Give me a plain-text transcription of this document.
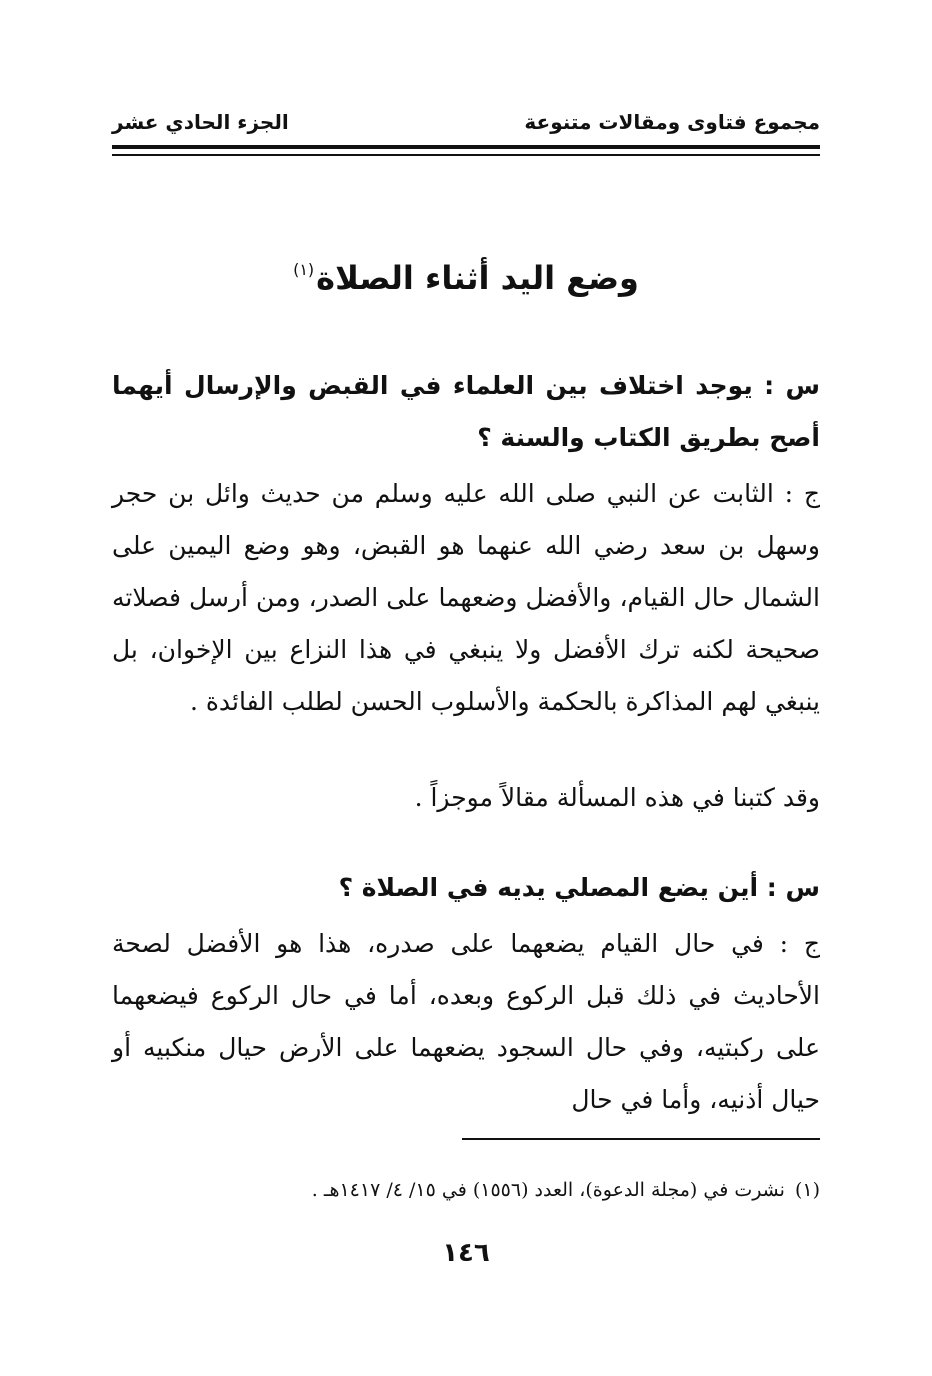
مجموع فتاوى ومقالات متنوعة
الجزء الحادي عشر
وضع اليد أثناء الصلاة$^{(١)}$
س : يوجد اختلاف بين العلماء في القبض والإرسال أيهما أصح بطريق الكتاب والسنة ؟
ج : الثابت عن النبي صلى الله عليه وسلم من حديث وائل بن حجر وسهل بن سعد رضي الله عنهما هو القبض، وهو وضع اليمين على الشمال حال القيام، والأفضل وضعهما على الصدر، ومن أرسل فصلاته صحيحة لكنه ترك الأفضل ولا ينبغي في هذا النزاع بين الإخوان، بل ينبغي لهم المذاكرة بالحكمة والأسلوب الحسن لطلب الفائدة .
وقد كتبنا في هذه المسألة مقالاً موجزاً .
س : أين يضع المصلي يديه في الصلاة ؟
ج : في حال القيام يضعهما على صدره، هذا هو الأفضل لصحة الأحاديث في ذلك قبل الركوع وبعده، أما في حال الركوع فيضعهما على ركبتيه، وفي حال السجود يضعهما على الأرض حيال منكبيه أو حيال أذنيه، وأما في حال
(١)نشرت في (مجلة الدعوة)، العدد (١٥٥٦) في ١٥/ ٤/ ١٤١٧هـ .
١٤٦
